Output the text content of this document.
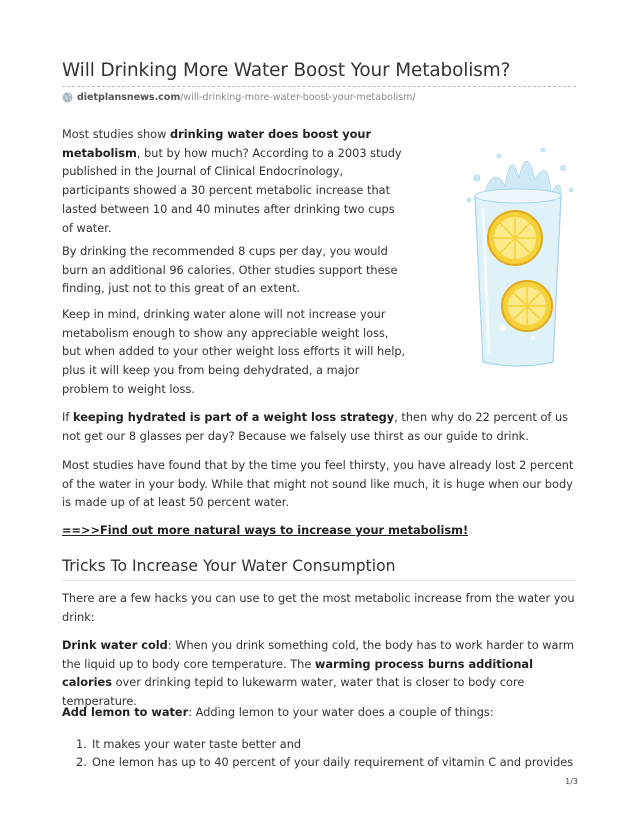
Will Drinking More Water Boost Your Metabolism?
dietplansnews.com /will-drinking-more-water-boost-your-metabolism/

Most studies show drinking water does boost your metabolism, but by how much? According to a 2003 study published in the Journal of Clinical Endocrinology, participants showed a 30 percent metabolic increase that lasted between 10 and 40 minutes after drinking two cups of water.

By drinking the recommended 8 cups per day, you would burn an additional 96 calories. Other studies support these finding, just not to this great of an extent.

Keep in mind, drinking water alone will not increase your metabolism enough to show any appreciable weight loss, but when added to your other weight loss efforts it will help, plus it will keep you from being dehydrated, a major problem to weight loss.

If keeping hydrated is part of a weight loss strategy, then why do 22 percent of us not get our 8 glasses per day? Because we falsely use thirst as our guide to drink.

Most studies have found that by the time you feel thirsty, you have already lost 2 percent of the water in your body. While that might not sound like much, it is huge when our body is made up of at least 50 percent water.

==>>Find out more natural ways to increase your metabolism!

Tricks To Increase Your Water Consumption

There are a few hacks you can use to get the most metabolic increase from the water you drink:

Drink water cold: When you drink something cold, the body has to work harder to warm the liquid up to body core temperature. The warming process burns additional calories over drinking tepid to lukewarm water, water that is closer to body core temperature.

Add lemon to water: Adding lemon to your water does a couple of things:

1. It makes your water taste better and
2. One lemon has up to 40 percent of your daily requirement of vitamin C and provides
1/3
